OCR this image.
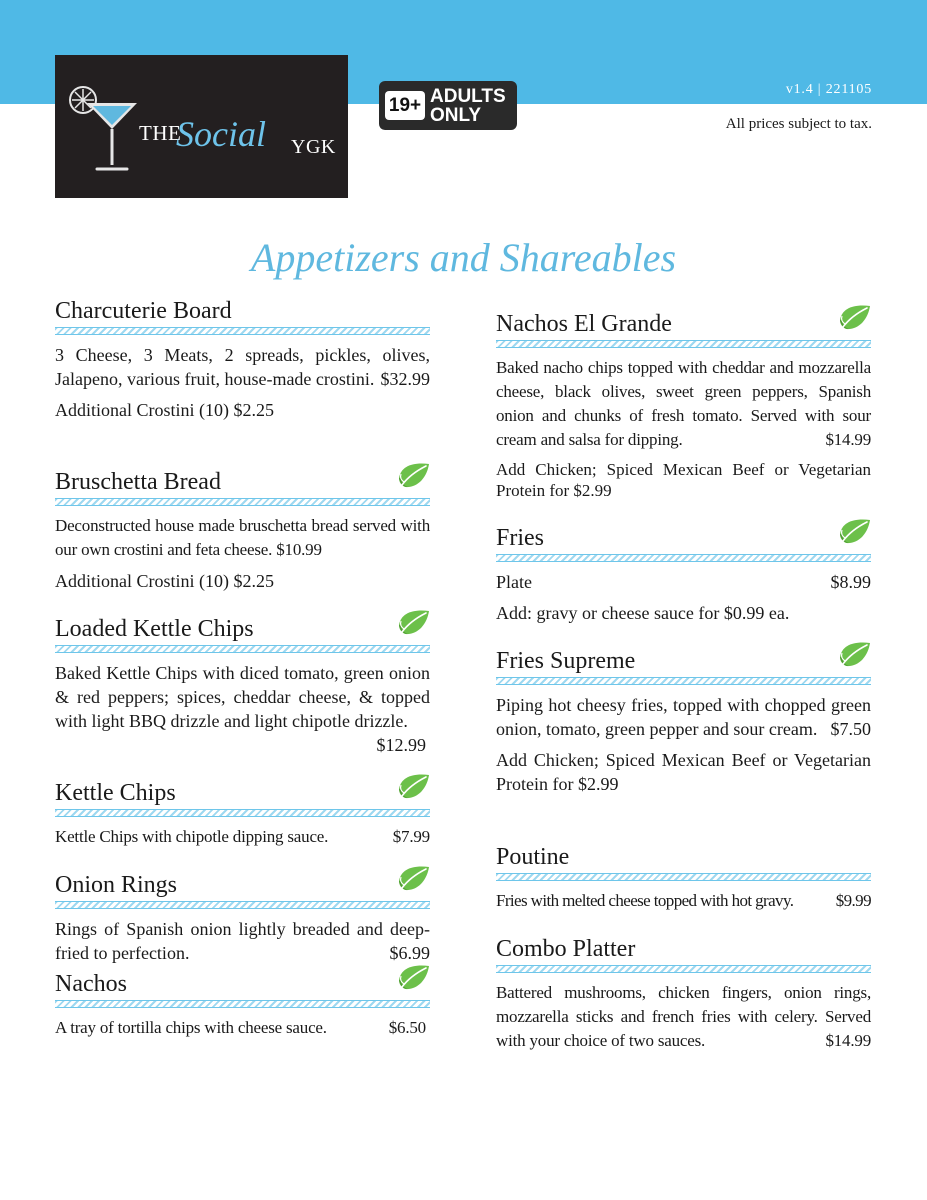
THE
Social YGK
19+ ADULTS
ONLY
v1.4 | 221105
All prices subject to tax.
Appetizers and Shareables
Charcuterie Board

3 Cheese, 3 Meats, 2 spreads, pickles, olives, Jalapeno, various fruit, house-made crostini. $32.99

Additional Crostini (10) $2.25

Bruschetta Bread

Deconstructed house made bruschetta bread served with our own crostini and feta cheese. $10.99

Additional Crostini (10) $2.25

Loaded Kettle Chips

Baked Kettle Chips with diced tomato, green onion & red peppers; spices, cheddar cheese, & topped with light BBQ drizzle and light chipotle drizzle.
$12.99

Kettle Chips

Kettle Chips with chipotle dipping sauce.	$7.99

Onion Rings

Rings of Spanish onion lightly breaded and deep-fried to perfection.	$6.99

Nachos

A tray of tortilla chips with cheese sauce.	$6.50

Nachos El Grande

Baked nacho chips topped with cheddar and mozzarella cheese, black olives, sweet green peppers, Spanish onion and chunks of fresh tomato. Served with sour cream and salsa for dipping.	$14.99

Add Chicken; Spiced Mexican Beef or Vegetarian Protein for $2.99

Fries
Plate	$8.99

Add: gravy or cheese sauce for $0.99 ea.

Fries Supreme

Piping hot cheesy fries, topped with chopped green onion, tomato, green pepper and sour cream. $7.50

Add Chicken; Spiced Mexican Beef or Vegetarian Protein for $2.99

Poutine

Fries with melted cheese topped with hot gravy. $9.99

Combo Platter

Battered mushrooms, chicken fingers, onion rings, mozzarella sticks and french fries with celery. Served with your choice of two sauces.	$14.99
